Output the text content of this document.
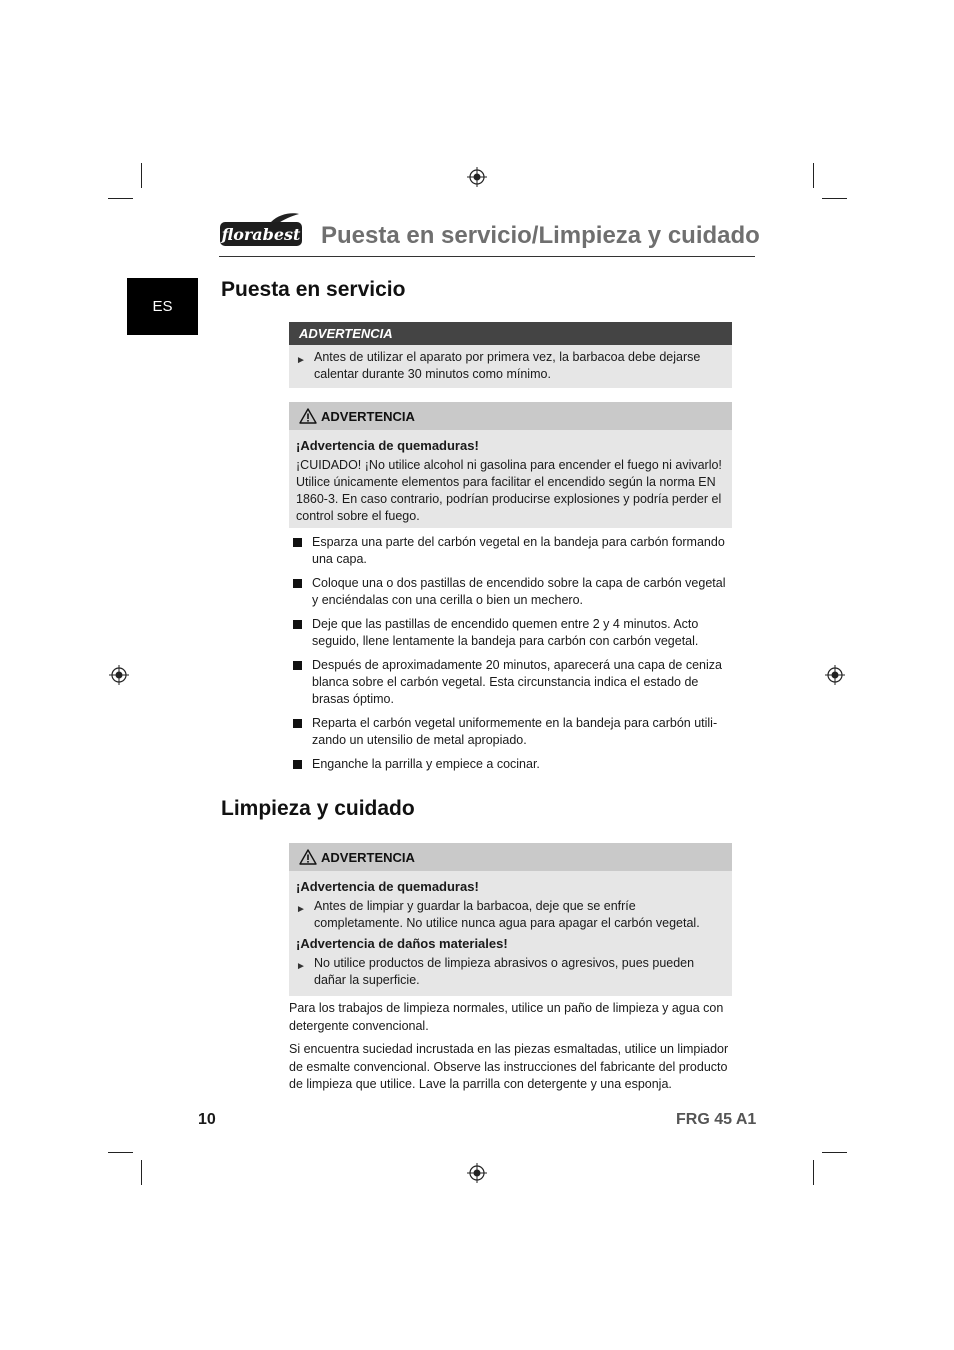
florabest Puesta en servicio/Limpieza y cuidado
ES
Puesta en servicio
ADVERTENCIA
► Antes de utilizar el aparato por primera vez, la barbacoa debe dejarse calentar durante 30 minutos como mínimo.
ADVERTENCIA
¡Advertencia de quemaduras!
¡CUIDADO! ¡No utilice alcohol ni gasolina para encender el fuego ni avivarlo! Utilice únicamente elementos para facilitar el encendido según la norma EN 1860-3. En caso contrario, podrían producirse explosiones y podría perder el control sobre el fuego.
Esparza una parte del carbón vegetal en la bandeja para carbón formando una capa.
Coloque una o dos pastillas de encendido sobre la capa de carbón vegetal y enciéndalas con una cerilla o bien un mechero.
Deje que las pastillas de encendido quemen entre 2 y 4 minutos. Acto seguido, llene lentamente la bandeja para carbón con carbón vegetal.
Después de aproximadamente 20 minutos, aparecerá una capa de ceniza blanca sobre el carbón vegetal. Esta circunstancia indica el estado de brasas óptimo.
Reparta el carbón vegetal uniformemente en la bandeja para carbón utili-zando un utensilio de metal apropiado.
Enganche la parrilla y empiece a cocinar.
Limpieza y cuidado
ADVERTENCIA
¡Advertencia de quemaduras!
► Antes de limpiar y guardar la barbacoa, deje que se enfríe completamente. No utilice nunca agua para apagar el carbón vegetal.
¡Advertencia de daños materiales!
► No utilice productos de limpieza abrasivos o agresivos, pues pueden dañar la superficie.
Para los trabajos de limpieza normales, utilice un paño de limpieza y agua con detergente convencional.
Si encuentra suciedad incrustada en las piezas esmaltadas, utilice un limpiador de esmalte convencional. Observe las instrucciones del fabricante del producto de limpieza que utilice. Lave la parrilla con detergente y una esponja.
10	FRG 45 A1
